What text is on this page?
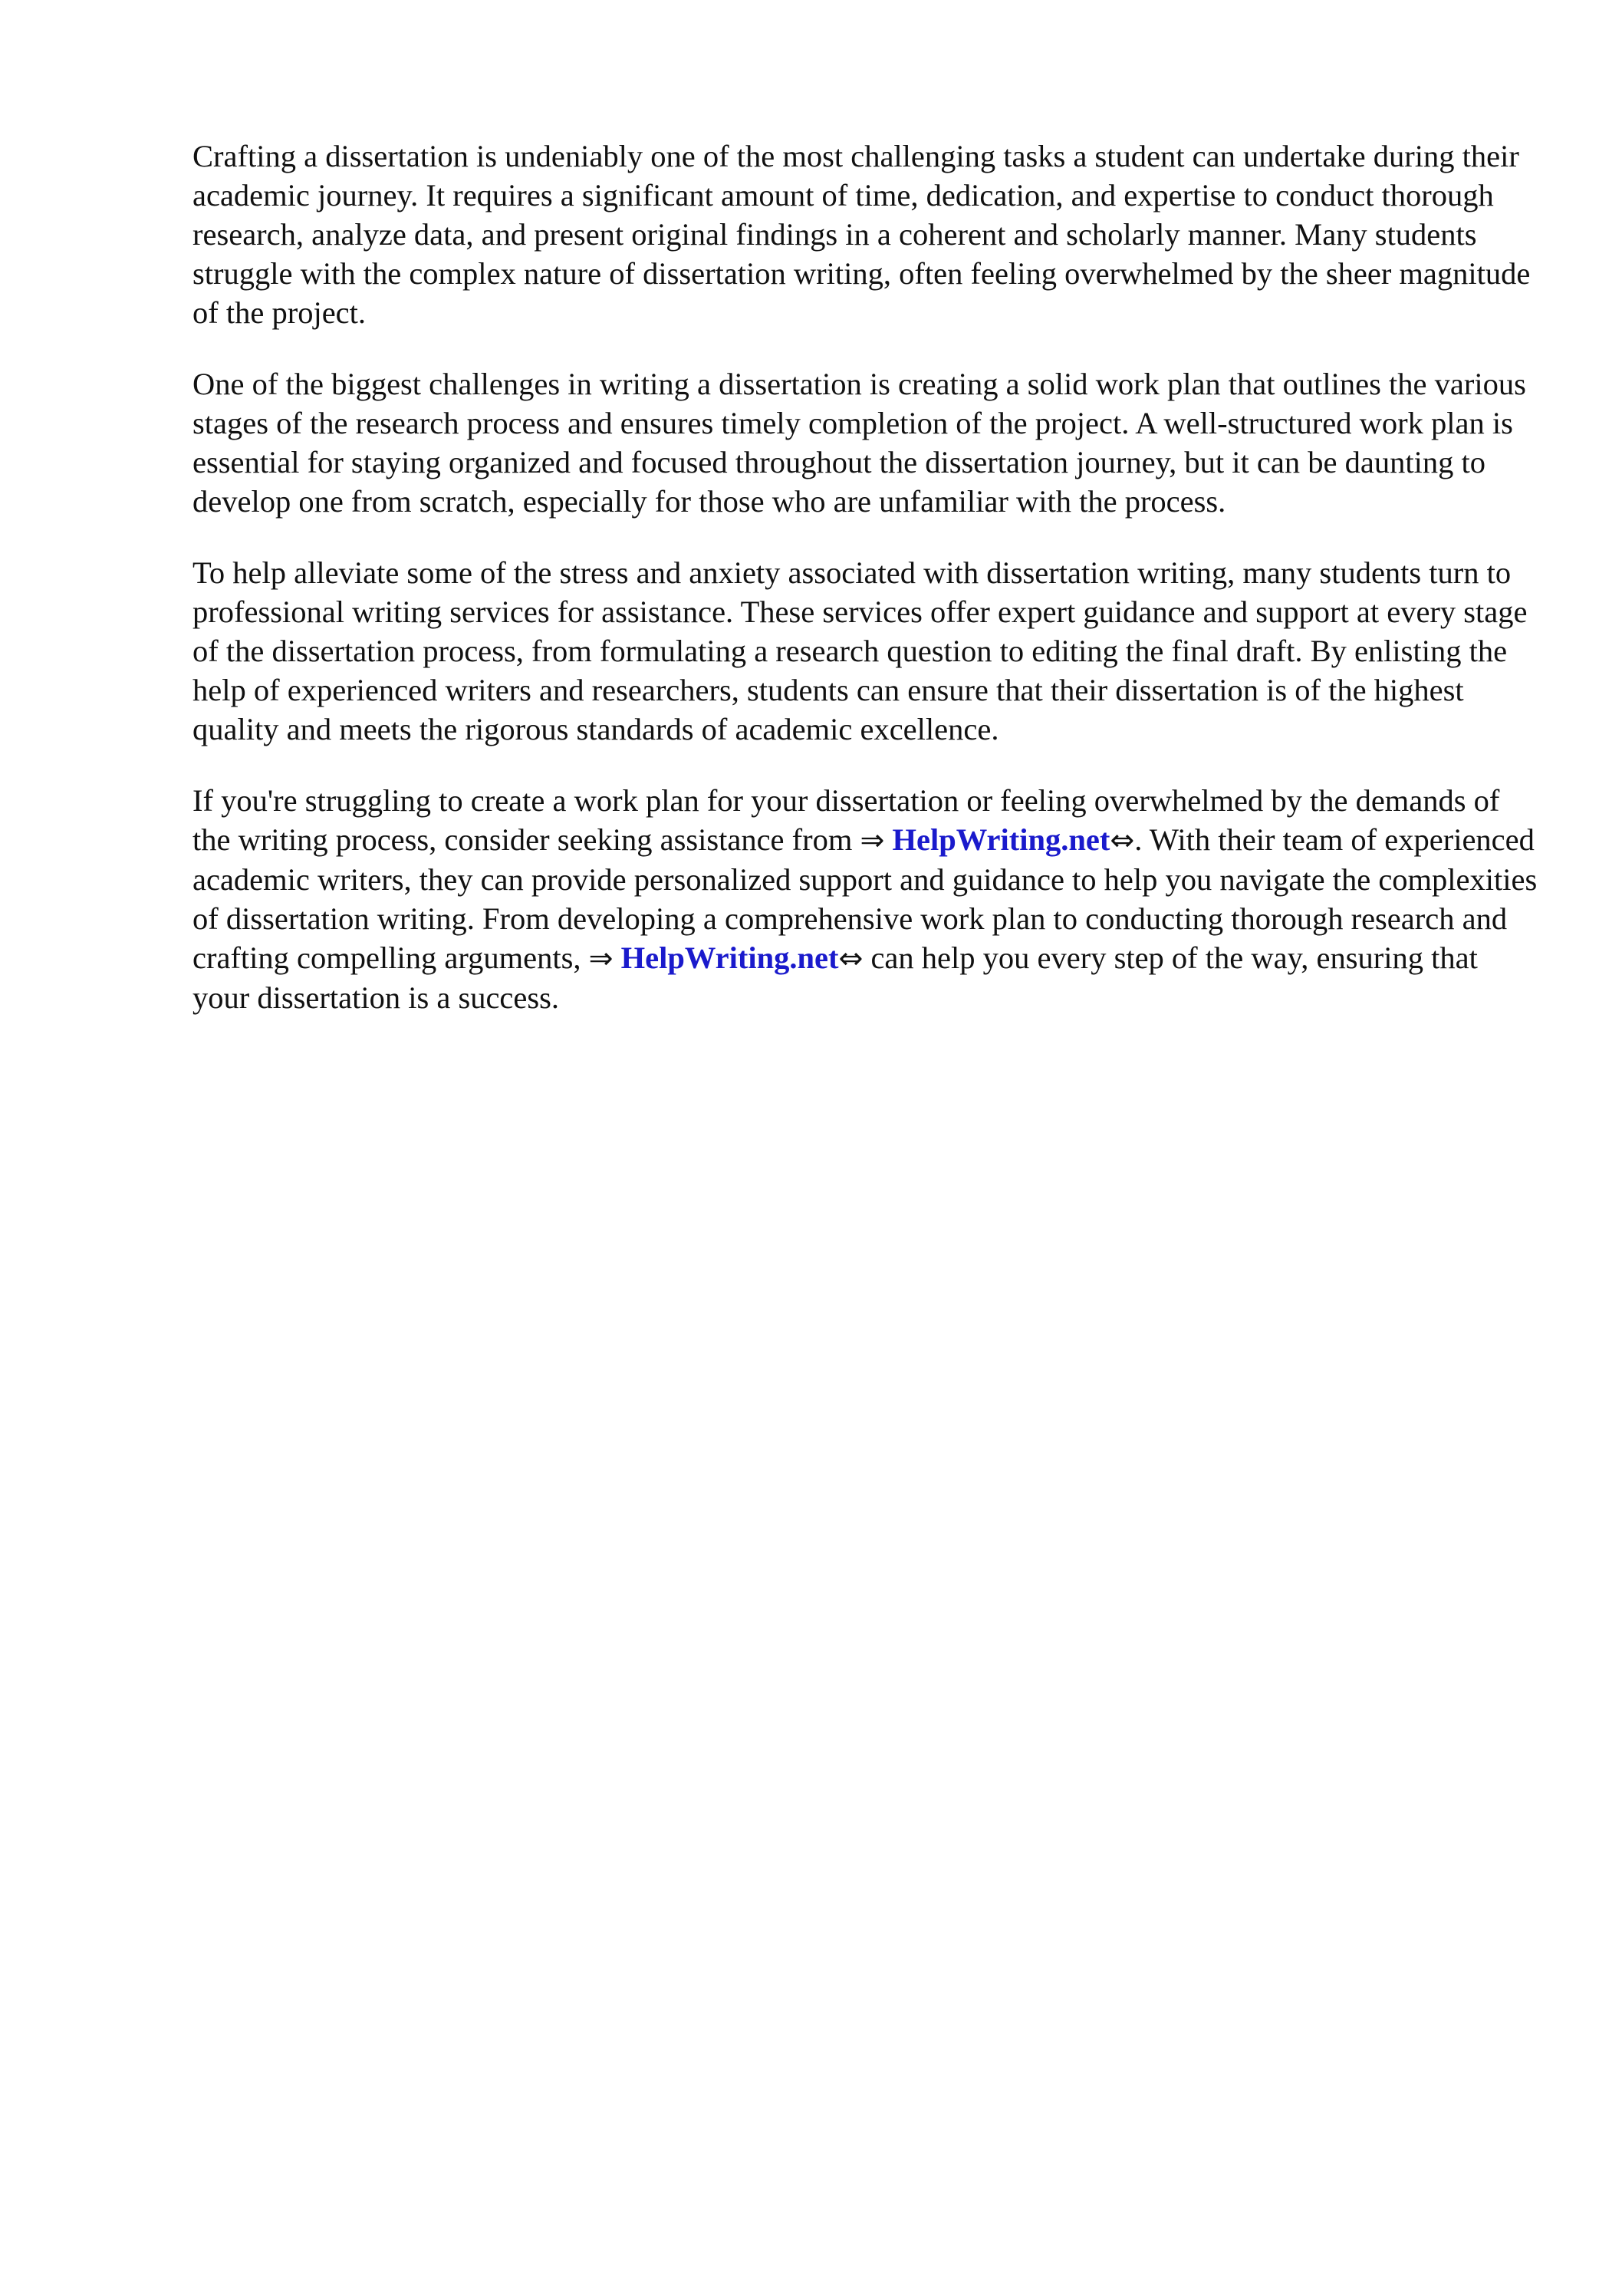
Crafting a dissertation is undeniably one of the most challenging tasks a student can undertake during their academic journey. It requires a significant amount of time, dedication, and expertise to conduct thorough research, analyze data, and present original findings in a coherent and scholarly manner. Many students struggle with the complex nature of dissertation writing, often feeling overwhelmed by the sheer magnitude of the project.

One of the biggest challenges in writing a dissertation is creating a solid work plan that outlines the various stages of the research process and ensures timely completion of the project. A well-structured work plan is essential for staying organized and focused throughout the dissertation journey, but it can be daunting to develop one from scratch, especially for those who are unfamiliar with the process.

To help alleviate some of the stress and anxiety associated with dissertation writing, many students turn to professional writing services for assistance. These services offer expert guidance and support at every stage of the dissertation process, from formulating a research question to editing the final draft. By enlisting the help of experienced writers and researchers, students can ensure that their dissertation is of the highest quality and meets the rigorous standards of academic excellence.

If you're struggling to create a work plan for your dissertation or feeling overwhelmed by the demands of the writing process, consider seeking assistance from ⇒ HelpWriting.net⇔. With their team of experienced academic writers, they can provide personalized support and guidance to help you navigate the complexities of dissertation writing. From developing a comprehensive work plan to conducting thorough research and crafting compelling arguments, ⇒ HelpWriting.net⇔ can help you every step of the way, ensuring that your dissertation is a success.
